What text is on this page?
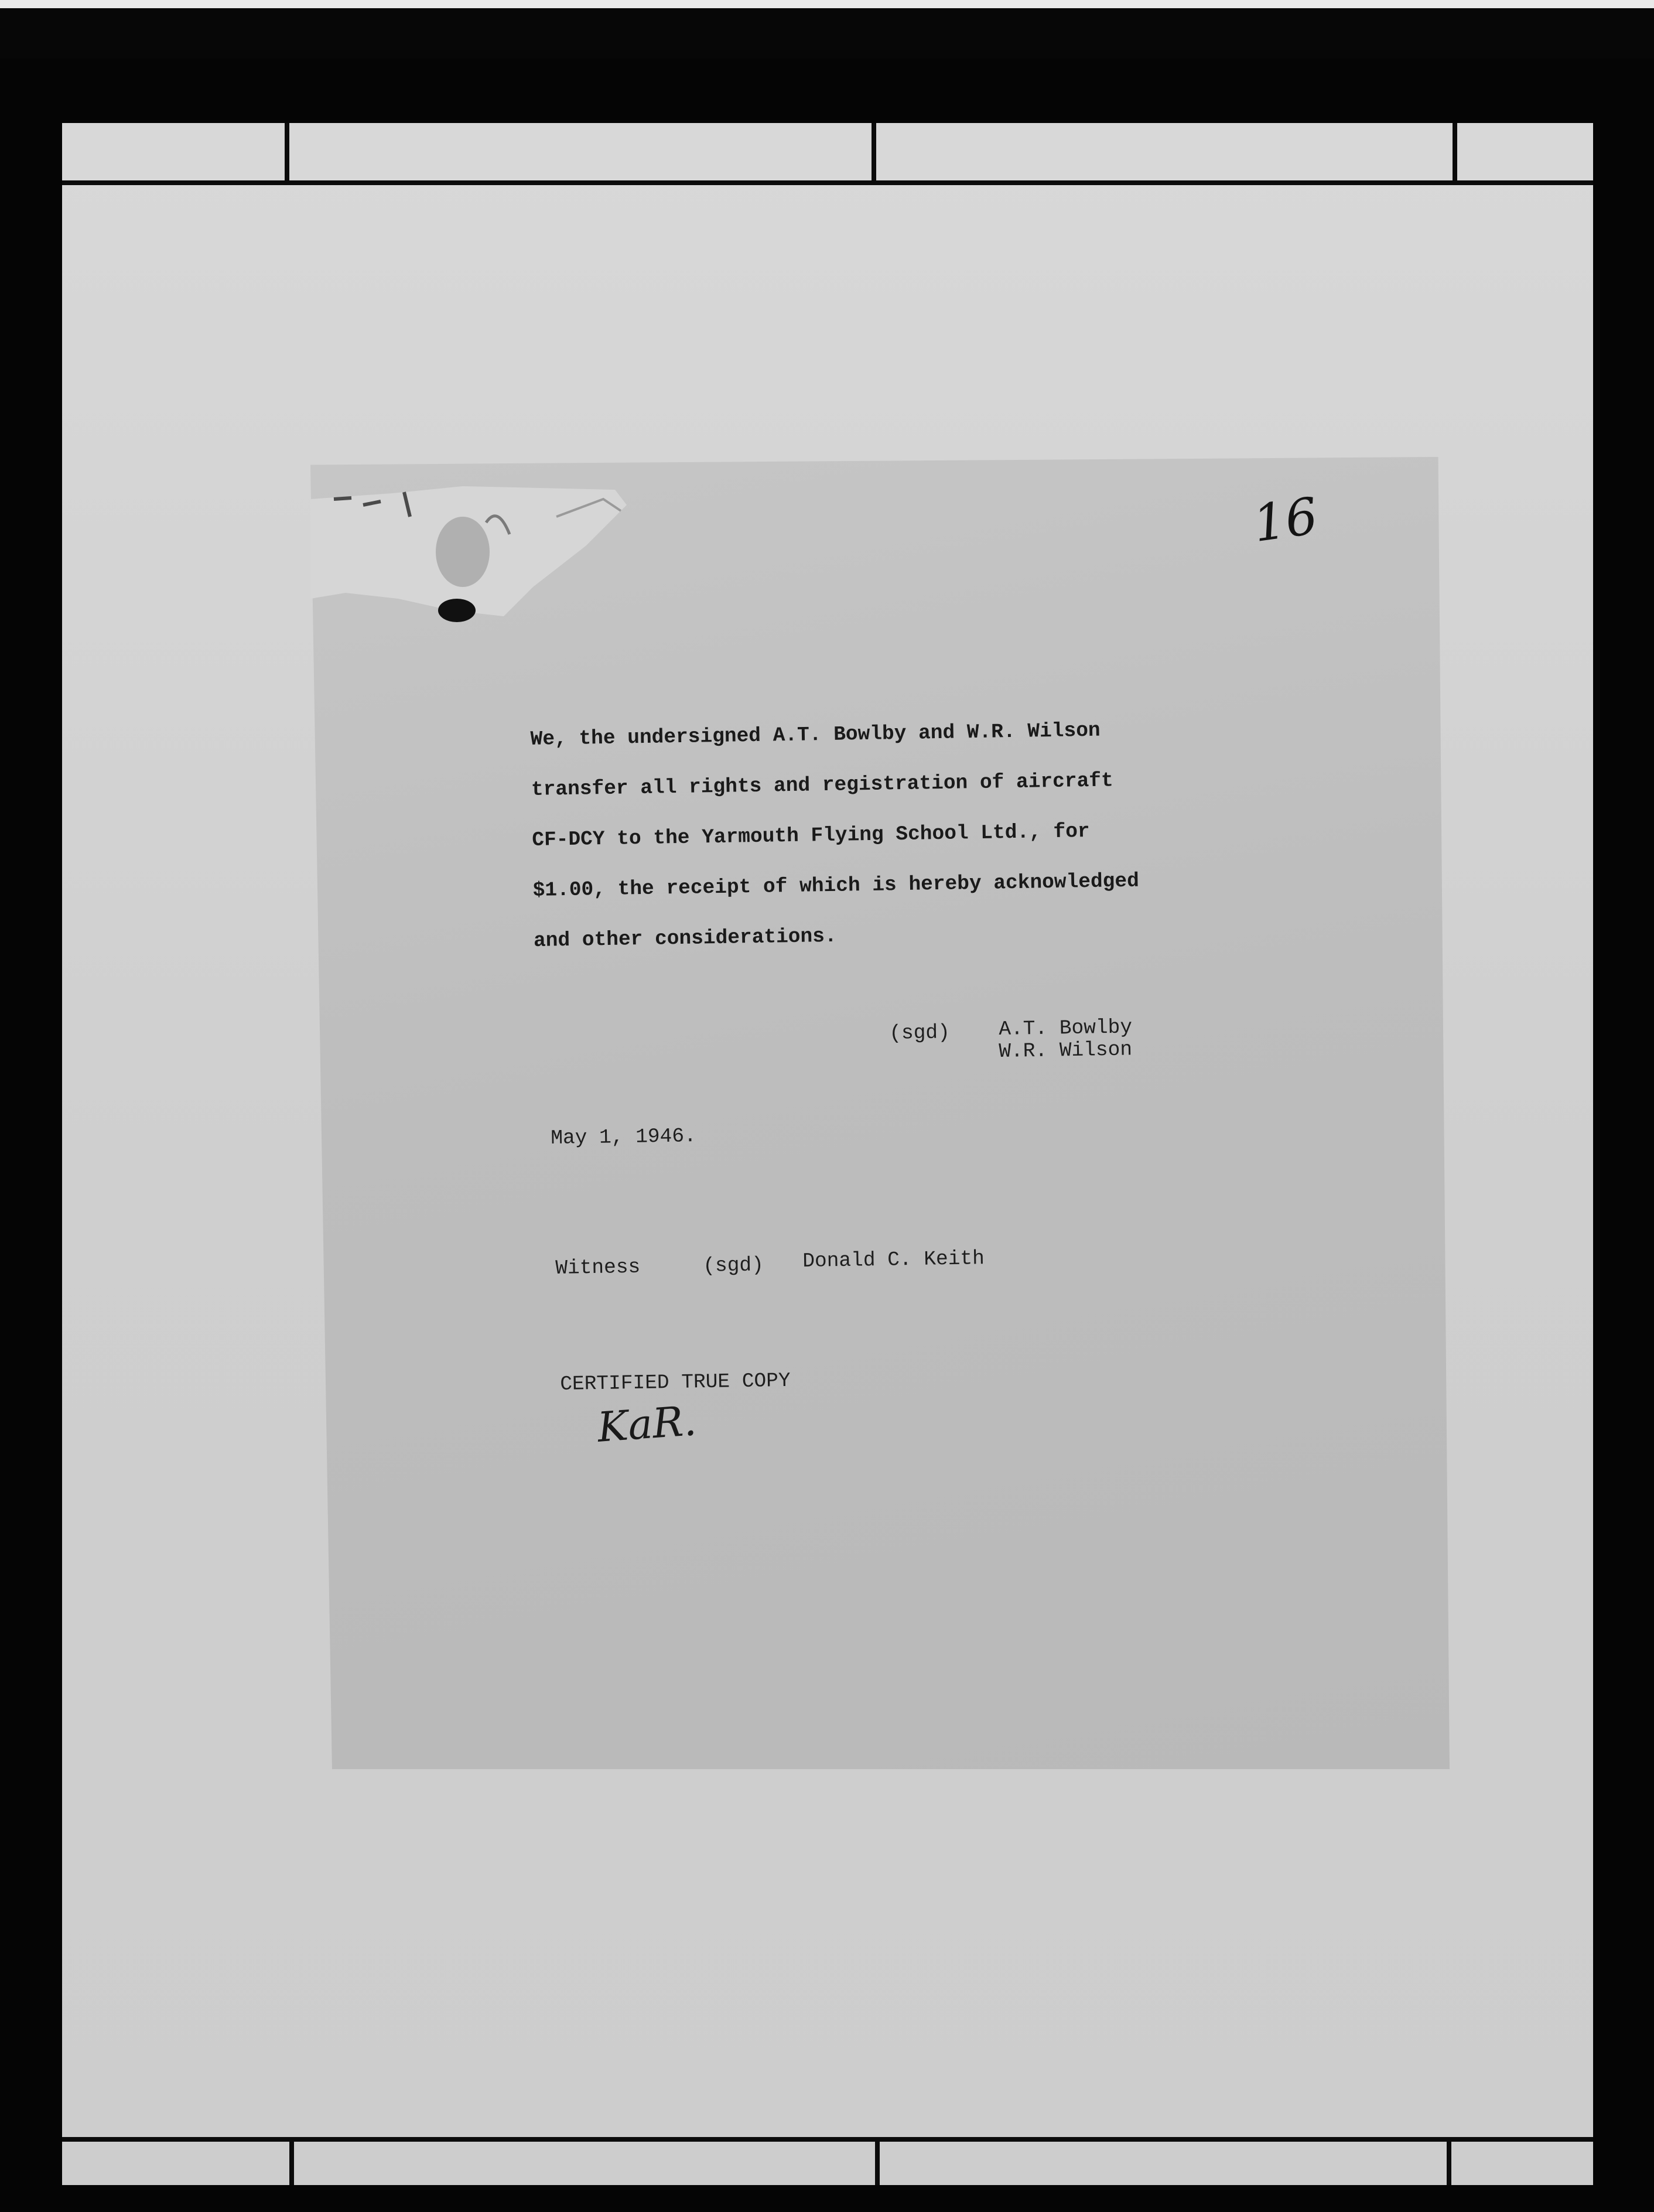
16
We, the undersigned A.T. Bowlby and W.R. Wilson
transfer all rights and registration of aircraft
CF-DCY to the Yarmouth Flying School Ltd., for
$1.00, the receipt of which is hereby acknowledged
and other considerations.
(sgd) A.T. Bowlby
W.R. Wilson
May 1, 1946.
Witness	(sgd) Donald C. Keith
CERTIFIED TRUE COPY
KaR.
